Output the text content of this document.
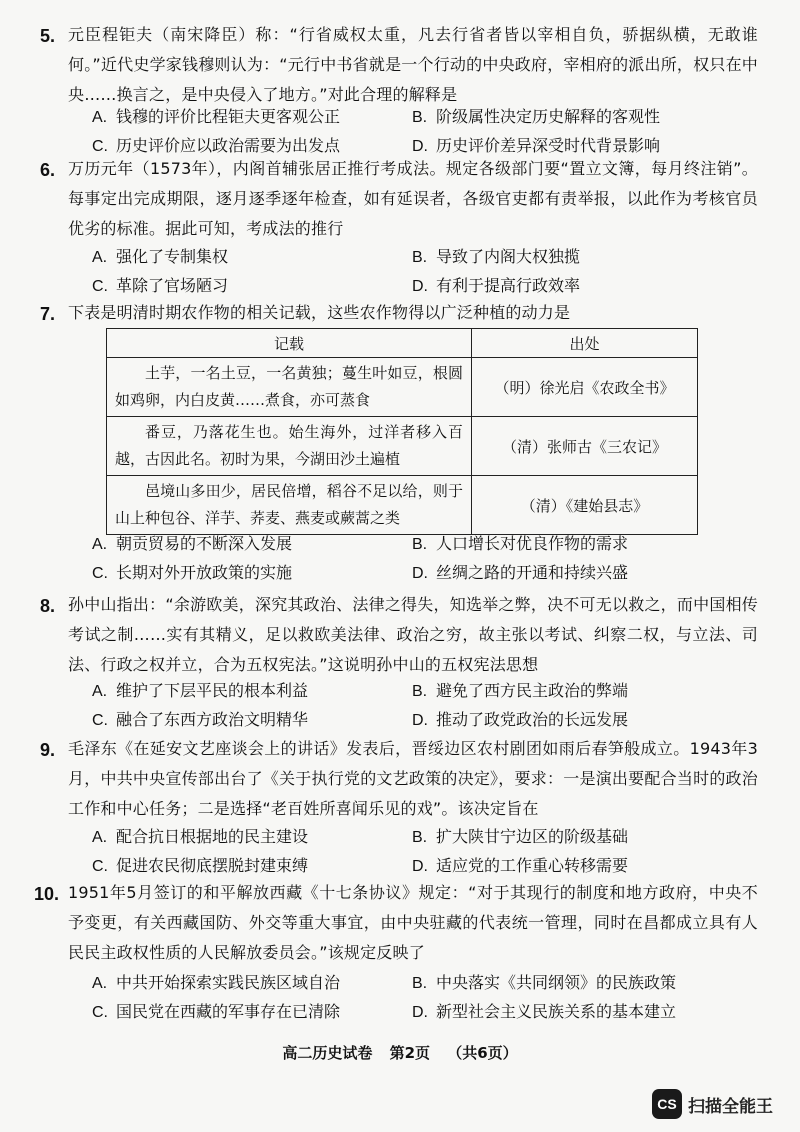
5. 元臣程钜夫（南宋降臣）称：“行省威权太重，凡去行省者皆以宰相自负，骄据纵横，无敢谁何。”近代史学家钱穆则认为：“元行中书省就是一个行动的中央政府，宰相府的派出所，权只在中央……换言之，是中央侵入了地方。”对此合理的解释是
A. 钱穆的评价比程钜夫更客观公正	B. 阶级属性决定历史解释的客观性
C. 历史评价应以政治需要为出发点	D. 历史评价差异深受时代背景影响
6. 万历元年（1573年），内阁首辅张居正推行考成法。规定各级部门要“置立文簿，每月终注销”。每事定出完成期限，逐月逐季逐年检查，如有延误者，各级官吏都有责举报，以此作为考核官员优劣的标准。据此可知，考成法的推行
A. 强化了专制集权	B. 导致了内阁大权独揽
C. 革除了官场陋习	D. 有利于提高行政效率
7. 下表是明清时期农作物的相关记载，这些农作物得以广泛种植的动力是
记载	出处
土芋，一名土豆，一名黄独；蔓生叶如豆，根圆如鸡卵，内白皮黄……煮食，亦可蒸食	（明）徐光启《农政全书》
番豆，乃落花生也。始生海外，过洋者移入百越，古因此名。初时为果，今湖田沙土遍植	（清）张师古《三农记》
邑境山多田少，居民倍增，稻谷不足以给，则于山上种包谷、洋芋、荞麦、燕麦或蕨蒿之类	（清）《建始县志》
A. 朝贡贸易的不断深入发展	B. 人口增长对优良作物的需求
C. 长期对外开放政策的实施	D. 丝绸之路的开通和持续兴盛
8. 孙中山指出：“余游欧美，深究其政治、法律之得失，知选举之弊，决不可无以救之，而中国相传考试之制……实有其精义，足以救欧美法律、政治之穷，故主张以考试、纠察二权，与立法、司法、行政之权并立，合为五权宪法。”这说明孙中山的五权宪法思想
A. 维护了下层平民的根本利益	B. 避免了西方民主政治的弊端
C. 融合了东西方政治文明精华	D. 推动了政党政治的长远发展
9. 毛泽东《在延安文艺座谈会上的讲话》发表后，晋绥边区农村剧团如雨后春笋般成立。1943年3月，中共中央宣传部出台了《关于执行党的文艺政策的决定》，要求：一是演出要配合当时的政治工作和中心任务；二是选择“老百姓所喜闻乐见的戏”。该决定旨在
A. 配合抗日根据地的民主建设	B. 扩大陕甘宁边区的阶级基础
C. 促进农民彻底摆脱封建束缚	D. 适应党的工作重心转移需要
10. 1951年5月签订的和平解放西藏《十七条协议》规定：“对于其现行的制度和地方政府，中央不予变更，有关西藏国防、外交等重大事宜，由中央驻藏的代表统一管理，同时在昌都成立具有人民民主政权性质的人民解放委员会。”该规定反映了
A. 中共开始探索实践民族区域自治	B. 中央落实《共同纲领》的民族政策
C. 国民党在西藏的军事存在已清除	D. 新型社会主义民族关系的基本建立
高二历史试卷 第2页 （共6页）
CS 扫描全能王
